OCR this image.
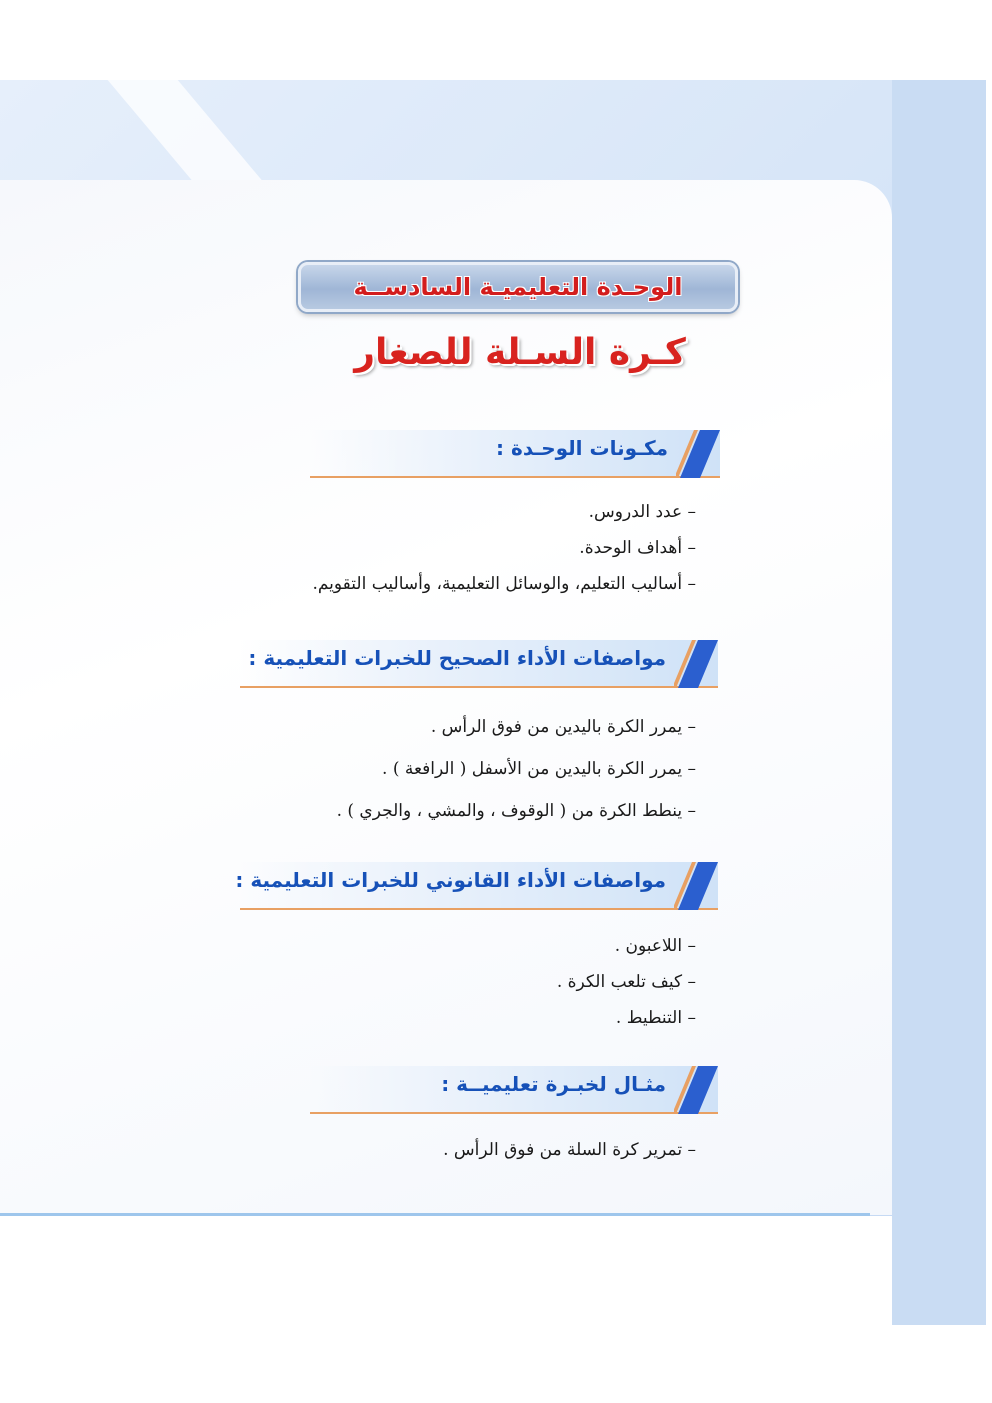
الوحـدة التعليميـة السادســة
كـرة السـلة للصغار
مكـونات الوحـدة :
– عدد الدروس.
– أهداف الوحدة.
– أساليب التعليم، والوسائل التعليمية، وأساليب التقويم.
مواصفات الأداء الصحيح للخبرات التعليمية :
– يمرر الكرة باليدين من فوق الرأس .
– يمرر الكرة باليدين من الأسفل ( الرافعة ) .
– ينطط الكرة من ( الوقوف ، والمشي ، والجري ) .
مواصفات الأداء القانوني للخبرات التعليمية :
– اللاعبون .
– كيف تلعب الكرة .
– التنطيط .
مثـال لخبـرة تعليميــة :
– تمرير كرة السلة من فوق الرأس .
